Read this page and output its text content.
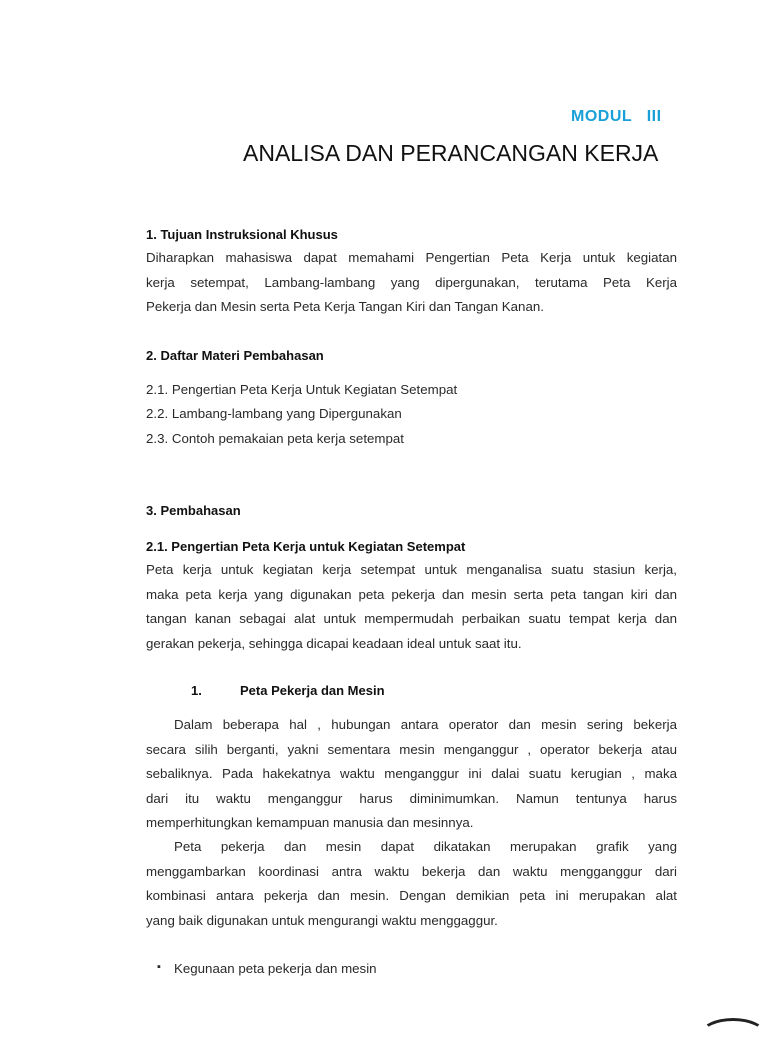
MODUL   III
ANALISA DAN PERANCANGAN KERJA
1. Tujuan Instruksional Khusus
Diharapkan mahasiswa dapat memahami Pengertian Peta Kerja untuk kegiatan
kerja setempat, Lambang-lambang yang dipergunakan, terutama Peta Kerja
Pekerja dan Mesin serta Peta Kerja Tangan Kiri dan Tangan Kanan.
2. Daftar Materi Pembahasan
2.1. Pengertian Peta Kerja Untuk Kegiatan Setempat
2.2. Lambang-lambang yang Dipergunakan
2.3. Contoh pemakaian peta kerja setempat
3. Pembahasan
2.1. Pengertian Peta Kerja untuk Kegiatan Setempat
Peta kerja untuk kegiatan kerja setempat untuk menganalisa suatu stasiun kerja,
maka peta kerja yang digunakan peta pekerja dan mesin serta peta tangan kiri dan
tangan kanan sebagai alat untuk mempermudah perbaikan suatu tempat kerja dan
gerakan pekerja, sehingga dicapai keadaan ideal untuk saat itu.
1.	Peta Pekerja dan Mesin
Dalam beberapa hal , hubungan antara operator dan mesin sering bekerja
secara silih berganti, yakni sementara mesin menganggur , operator bekerja atau
sebaliknya. Pada hakekatnya waktu menganggur ini dalai suatu kerugian , maka
dari itu waktu menganggur harus diminimumkan. Namun tentunya harus
memperhitungkan kemampuan manusia dan mesinnya.
Peta pekerja dan mesin dapat dikatakan merupakan grafik yang
menggambarkan koordinasi antra waktu bekerja dan waktu mengganggur dari
kombinasi antara pekerja dan mesin. Dengan demikian peta ini merupakan alat
yang baik digunakan untuk mengurangi waktu menggaggur.
▪ Kegunaan peta pekerja dan mesin
